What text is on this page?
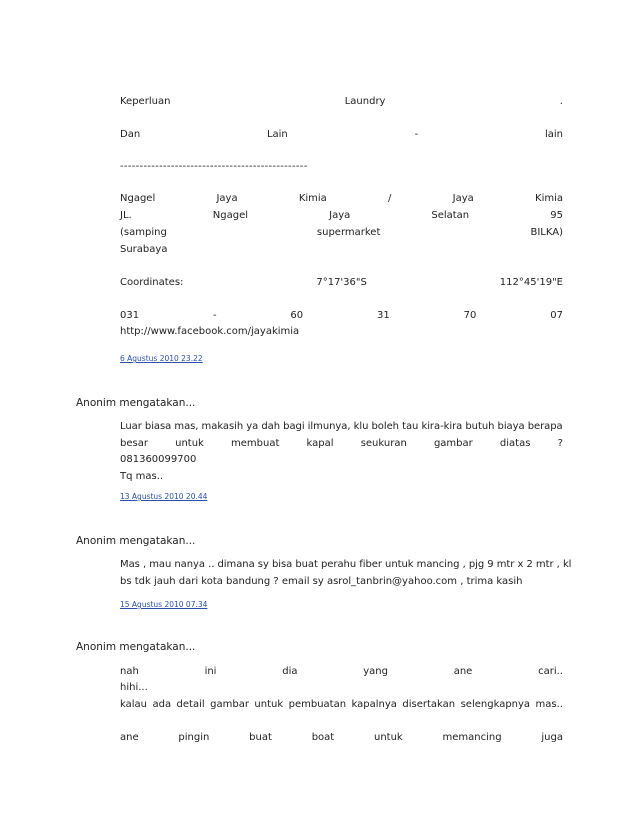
Keperluan	Laundry	.
Dan	Lain	-	lain
------------------------------------------------
Ngagel	Jaya	Kimia	/	Jaya	Kimia
JL.	Ngagel	Jaya	Selatan	95
(samping	supermarket	BILKA)
Surabaya
Coordinates:	7°17'36"S	112°45'19"E
031	-	60	31	70	07
http://www.facebook.com/jayakimia
6 Agustus 2010 23.22
Anonim mengatakan...
Luar biasa mas, makasih ya dah bagi ilmunya, klu boleh tau kira-kira butuh biaya berapa
besar	untuk	membuat	kapal	seukuran	gambar	diatas	?
081360099700
Tq mas..
13 Agustus 2010 20.44
Anonim mengatakan...
Mas , mau nanya .. dimana sy bisa buat perahu fiber untuk mancing , pjg 9 mtr x 2 mtr , kl
bs tdk jauh dari kota bandung ? email sy asrol_tanbrin@yahoo.com , trima kasih
15 Agustus 2010 07.34
Anonim mengatakan...
nah	ini	dia	yang	ane	cari..
hihi...
kalau ada detail gambar untuk pembuatan kapalnya disertakan selengkapnya mas..
ane	pingin	buat	boat	untuk	memancing	juga
